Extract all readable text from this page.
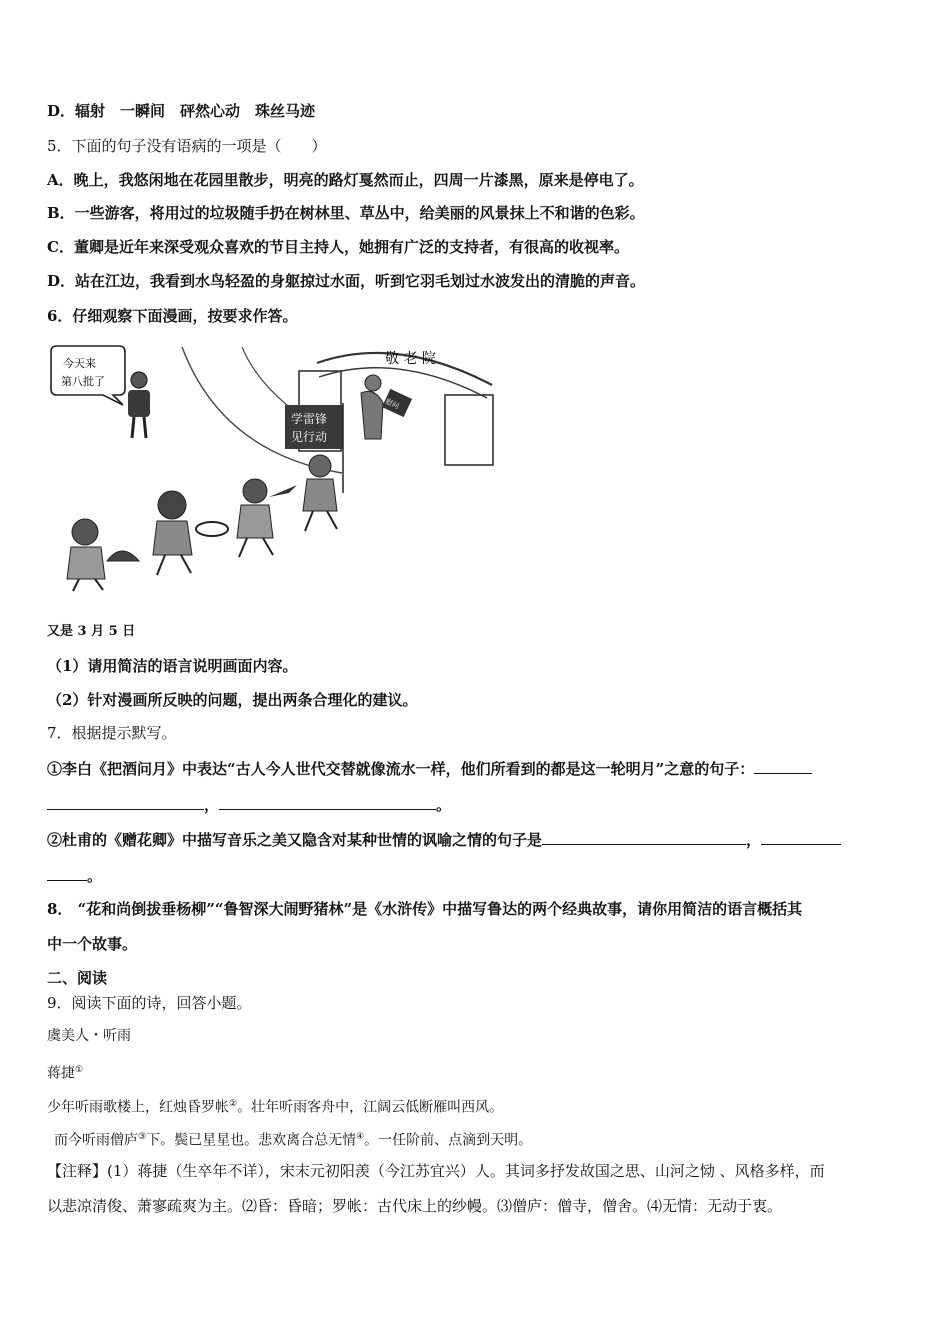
D．辐射　一瞬间　砰然心动　珠丝马迹
5．下面的句子没有语病的一项是（　　）
A．晚上，我悠闲地在花园里散步，明亮的路灯戛然而止，四周一片漆黑，原来是停电了。
B．一些游客，将用过的垃圾随手扔在树林里、草丛中，给美丽的风景抹上不和谐的色彩。
C．董卿是近年来深受观众喜欢的节目主持人，她拥有广泛的支持者，有很高的收视率。
D．站在江边，我看到水鸟轻盈的身躯掠过水面，听到它羽毛划过水波发出的清脆的声音。
6．仔细观察下面漫画，按要求作答。
今天来
第八批了
敬 老 院
慰问
学雷锋
见行动
又是 3 月 5 日
（1）请用简洁的语言说明画面内容。
（2）针对漫画所反映的问题，提出两条合理化的建议。
7．根据提示默写。
①李白《把酒问月》中表达“古人今人世代交替就像流水一样，他们所看到的都是这一轮明月”之意的句子：
，	。
②杜甫的《赠花卿》中描写音乐之美又隐含对某种世情的讽喻之情的句子是	，
。
8． “花和尚倒拔垂杨柳”“鲁智深大闹野猪林”是《水浒传》中描写鲁达的两个经典故事，请你用简洁的语言概括其
中一个故事。
二、阅读
9．阅读下面的诗，回答小题。
虞美人・听雨
蒋捷①
少年听雨歌楼上，红烛昏罗帐②。壮年听雨客舟中，江阔云低断雁叫西风。
而今听雨僧庐③下。鬓已星星也。悲欢离合总无情④。一任阶前、点滴到天明。
【注释】(1）蒋捷（生卒年不详），宋末元初阳羡（今江苏宜兴）人。其词多抒发故国之思、山河之恸 、风格多样，而
以悲凉清俊、萧寥疏爽为主。⑵昏：昏暗；罗帐：古代床上的纱幔。⑶僧庐：僧寺，僧舍。⑷无情：无动于衷。
